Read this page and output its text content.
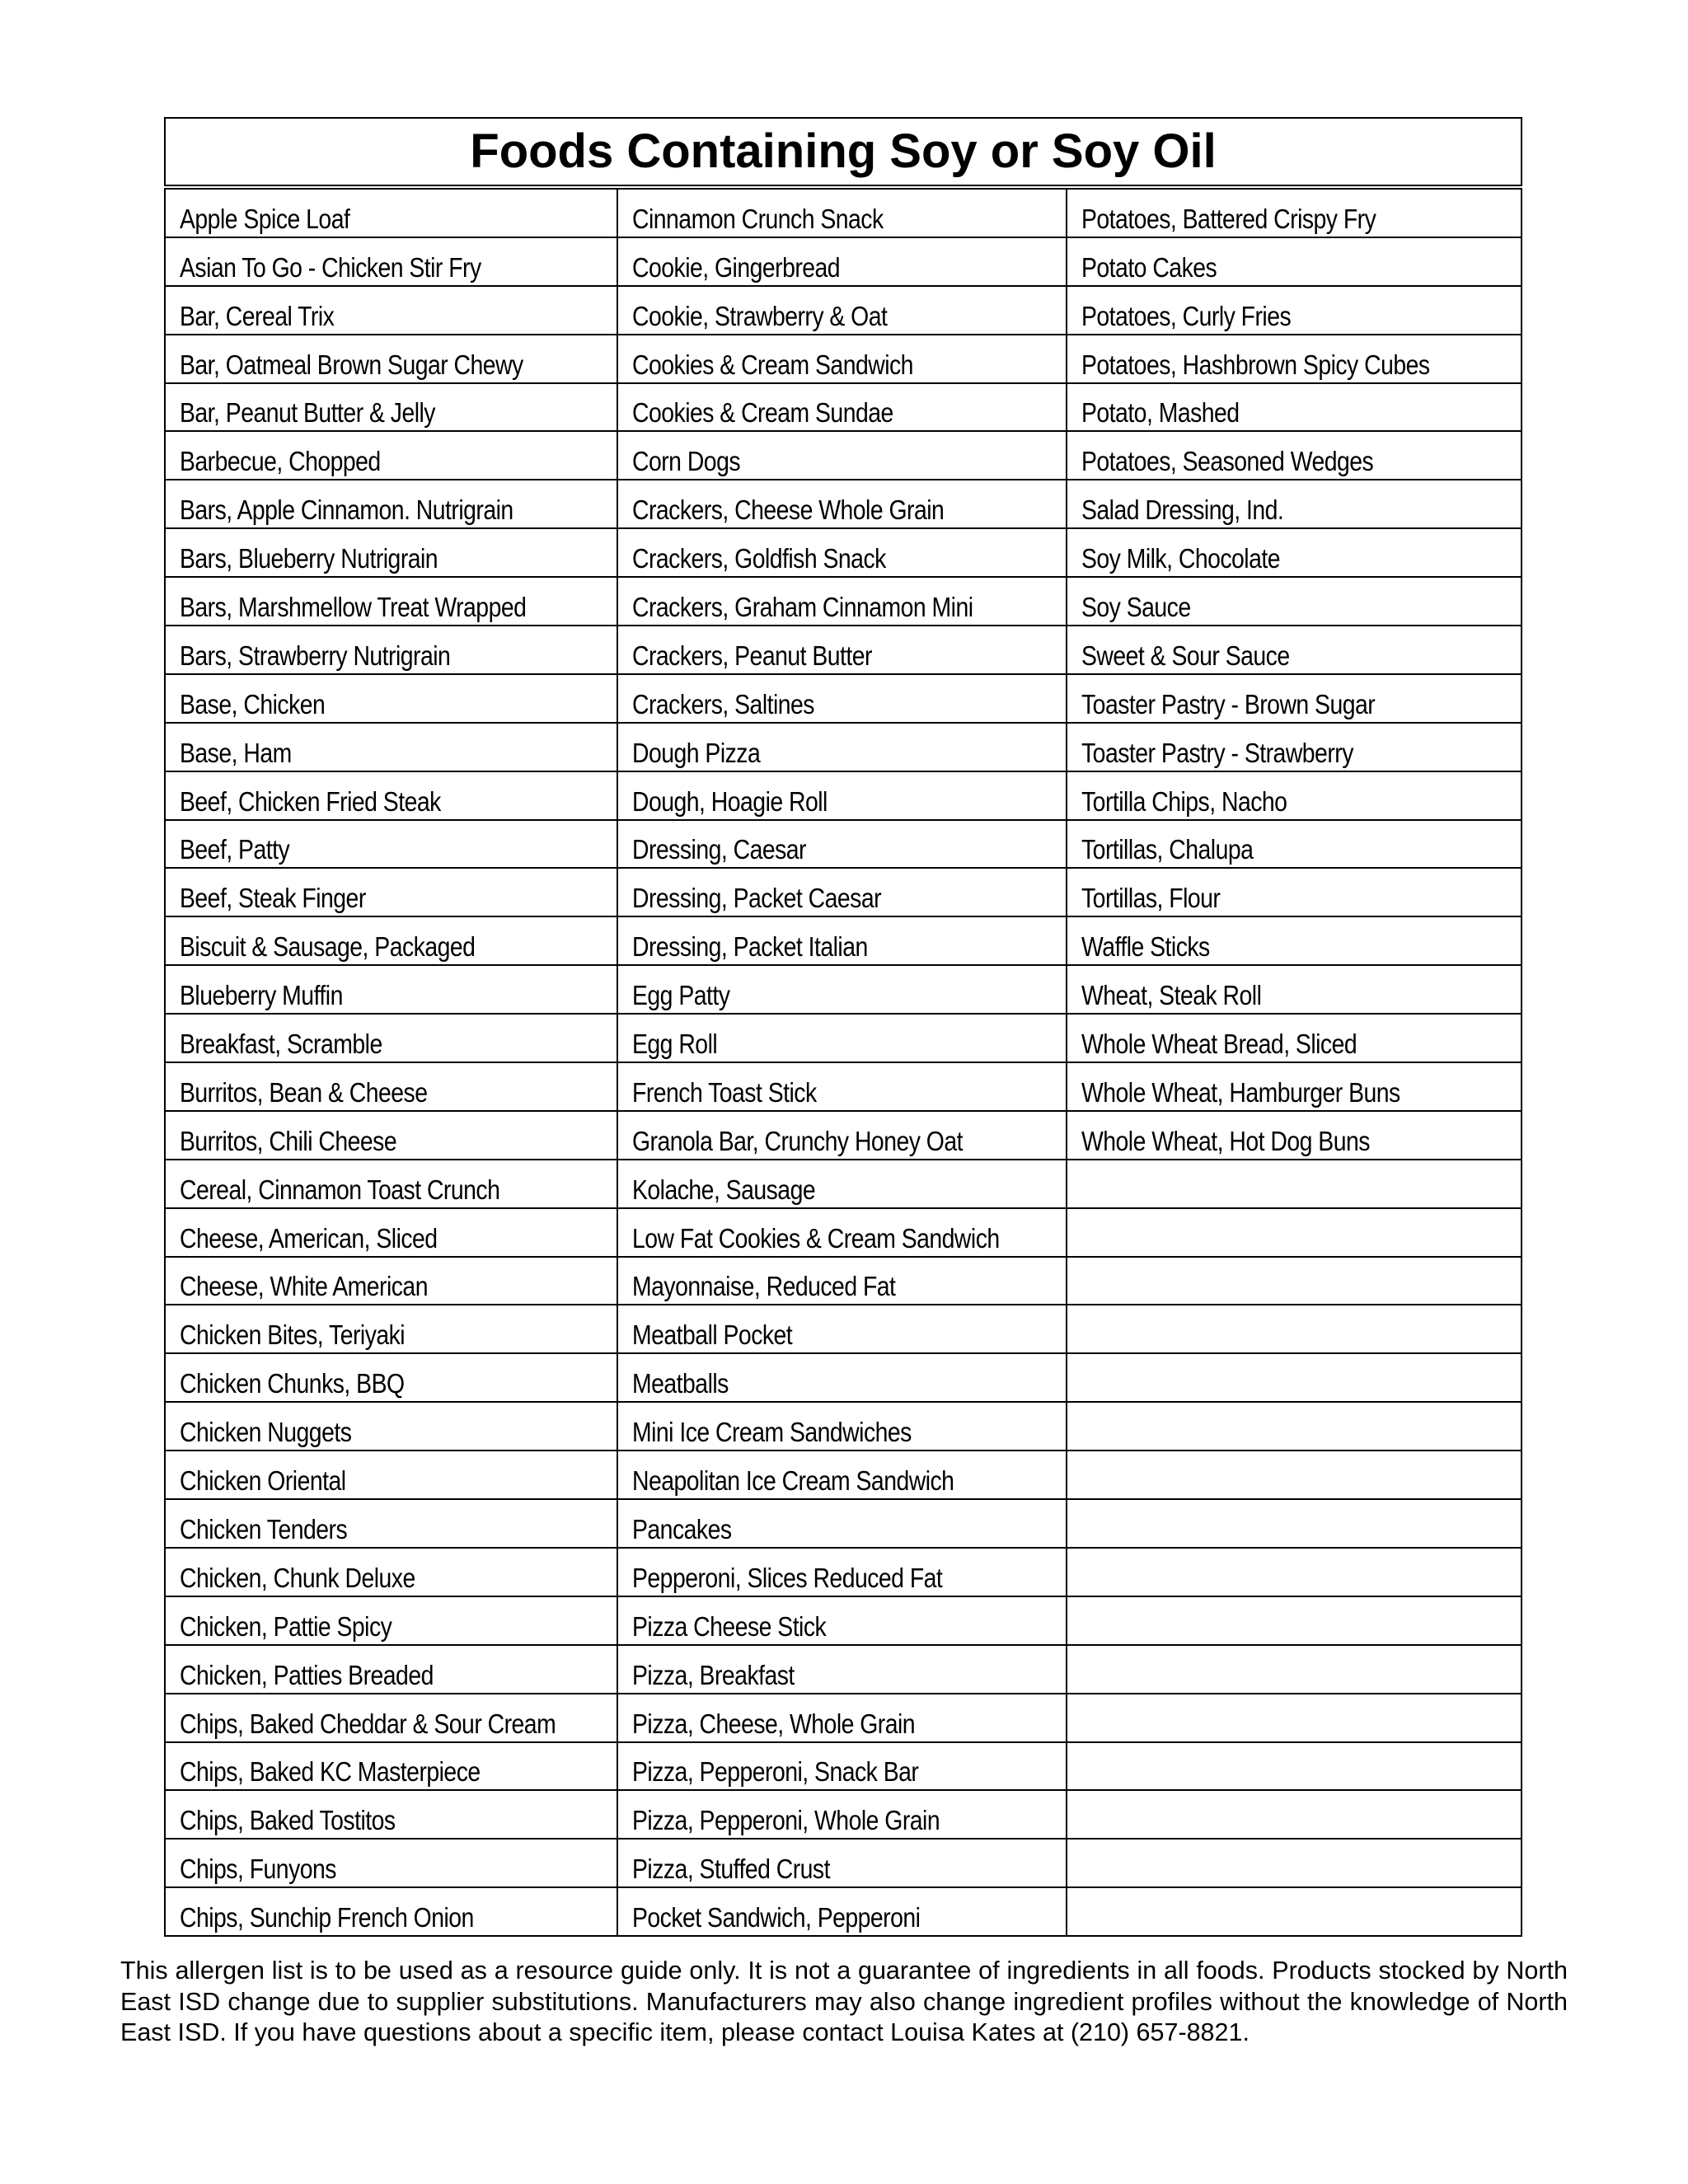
Foods Containing Soy or Soy Oil		
Apple Spice Loaf	Cinnamon Crunch Snack	Potatoes, Battered Crispy Fry
Asian To Go - Chicken Stir Fry	Cookie, Gingerbread	Potato Cakes
Bar, Cereal Trix	Cookie, Strawberry & Oat	Potatoes, Curly Fries
Bar, Oatmeal Brown Sugar Chewy	Cookies & Cream Sandwich	Potatoes, Hashbrown Spicy Cubes
Bar, Peanut Butter & Jelly	Cookies & Cream Sundae	Potato, Mashed
Barbecue, Chopped	Corn Dogs	Potatoes, Seasoned Wedges
Bars, Apple Cinnamon. Nutrigrain	Crackers, Cheese Whole Grain	Salad Dressing, Ind.
Bars, Blueberry Nutrigrain	Crackers, Goldfish Snack	Soy Milk, Chocolate
Bars, Marshmellow Treat Wrapped	Crackers, Graham Cinnamon Mini	Soy Sauce
Bars, Strawberry Nutrigrain	Crackers, Peanut Butter	Sweet & Sour Sauce
Base, Chicken	Crackers, Saltines	Toaster Pastry - Brown Sugar
Base, Ham	Dough Pizza	Toaster Pastry - Strawberry
Beef, Chicken Fried Steak	Dough, Hoagie Roll	Tortilla Chips, Nacho
Beef, Patty	Dressing, Caesar	Tortillas, Chalupa
Beef, Steak Finger	Dressing, Packet Caesar	Tortillas, Flour
Biscuit & Sausage, Packaged	Dressing, Packet Italian	Waffle Sticks
Blueberry Muffin	Egg Patty	Wheat, Steak Roll
Breakfast, Scramble	Egg Roll	Whole Wheat Bread, Sliced
Burritos, Bean & Cheese	French Toast Stick	Whole Wheat, Hamburger Buns
Burritos, Chili Cheese	Granola Bar, Crunchy Honey Oat	Whole Wheat, Hot Dog Buns
Cereal, Cinnamon Toast Crunch	Kolache, Sausage	
Cheese, American, Sliced	Low Fat Cookies & Cream Sandwich	
Cheese, White American	Mayonnaise, Reduced Fat	
Chicken Bites, Teriyaki	Meatball Pocket	
Chicken Chunks, BBQ	Meatballs	
Chicken Nuggets	Mini Ice Cream Sandwiches	
Chicken Oriental	Neapolitan Ice Cream Sandwich	
Chicken Tenders	Pancakes	
Chicken, Chunk Deluxe	Pepperoni, Slices Reduced Fat	
Chicken, Pattie Spicy	Pizza Cheese Stick	
Chicken, Patties Breaded	Pizza, Breakfast	
Chips, Baked Cheddar & Sour Cream	Pizza, Cheese, Whole Grain	
Chips, Baked KC Masterpiece	Pizza, Pepperoni, Snack Bar	
Chips, Baked Tostitos	Pizza, Pepperoni, Whole Grain	
Chips, Funyons	Pizza, Stuffed Crust	
Chips, Sunchip French Onion	Pocket Sandwich, Pepperoni	
This allergen list is to be used as a resource guide only. It is not a guarantee of ingredients in all foods. Products stocked by North East ISD change due to supplier substitutions. Manufacturers may also change ingredient profiles without the knowledge of North East ISD. If you have questions about a specific item, please contact Louisa Kates at (210) 657-8821.
